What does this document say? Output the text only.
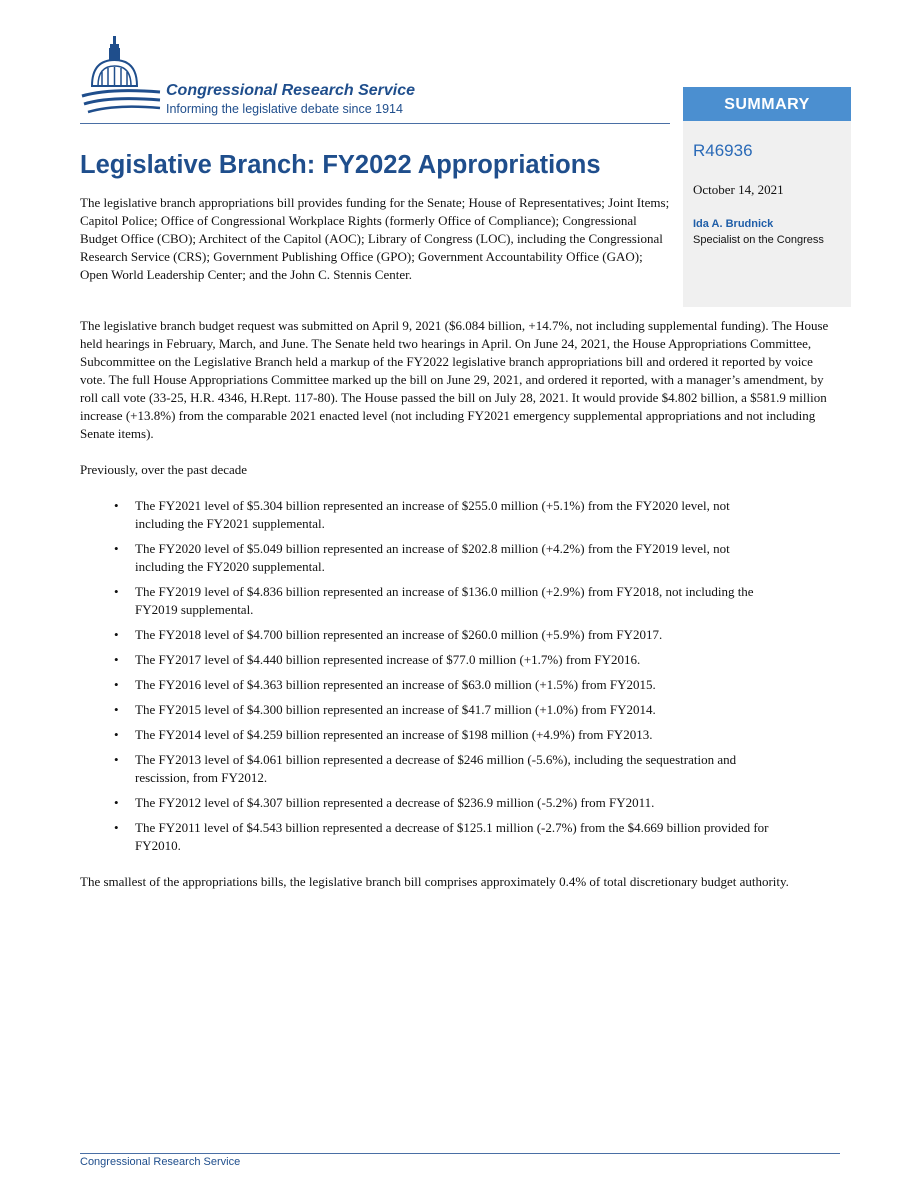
Congressional Research Service
Informing the legislative debate since 1914	SUMMARY
R46936
October 14, 2021
Ida A. Brudnick
Specialist on the Congress
Legislative Branch: FY2022 Appropriations

The legislative branch appropriations bill provides funding for the Senate; House of Representatives; Joint Items; Capitol Police; Office of Congressional Workplace Rights (formerly Office of Compliance); Congressional Budget Office (CBO); Architect of the Capitol (AOC); Library of Congress (LOC), including the Congressional Research Service (CRS); Government Publishing Office (GPO); Government Accountability Office (GAO); Open World Leadership Center; and the John C. Stennis Center.

The legislative branch budget request was submitted on April 9, 2021 ($6.084 billion, +14.7%, not including supplemental funding). The House held hearings in February, March, and June. The Senate held two hearings in April. On June 24, 2021, the House Appropriations Committee, Subcommittee on the Legislative Branch held a markup of the FY2022 legislative branch appropriations bill and ordered it reported by voice vote. The full House Appropriations Committee marked up the bill on June 29, 2021, and ordered it reported, with a manager’s amendment, by roll call vote (33-25, H.R. 4346, H.Rept. 117-80). The House passed the bill on July 28, 2021. It would provide $4.802 billion, a $581.9 million increase (+13.8%) from the comparable 2021 enacted level (not including FY2021 emergency supplemental appropriations and not including Senate items).

Previously, over the past decade

• The FY2021 level of $5.304 billion represented an increase of $255.0 million (+5.1%) from the FY2020 level, not including the FY2021 supplemental.
• The FY2020 level of $5.049 billion represented an increase of $202.8 million (+4.2%) from the FY2019 level, not including the FY2020 supplemental.
• The FY2019 level of $4.836 billion represented an increase of $136.0 million (+2.9%) from FY2018, not including the FY2019 supplemental.
• The FY2018 level of $4.700 billion represented an increase of $260.0 million (+5.9%) from FY2017.
• The FY2017 level of $4.440 billion represented increase of $77.0 million (+1.7%) from FY2016.
• The FY2016 level of $4.363 billion represented an increase of $63.0 million (+1.5%) from FY2015.
• The FY2015 level of $4.300 billion represented an increase of $41.7 million (+1.0%) from FY2014.
• The FY2014 level of $4.259 billion represented an increase of $198 million (+4.9%) from FY2013.
• The FY2013 level of $4.061 billion represented a decrease of $246 million (-5.6%), including the sequestration and rescission, from FY2012.
• The FY2012 level of $4.307 billion represented a decrease of $236.9 million (-5.2%) from FY2011.
• The FY2011 level of $4.543 billion represented a decrease of $125.1 million (-2.7%) from the $4.669 billion provided for FY2010.

The smallest of the appropriations bills, the legislative branch bill comprises approximately 0.4% of total discretionary budget authority.

Congressional Research Service
